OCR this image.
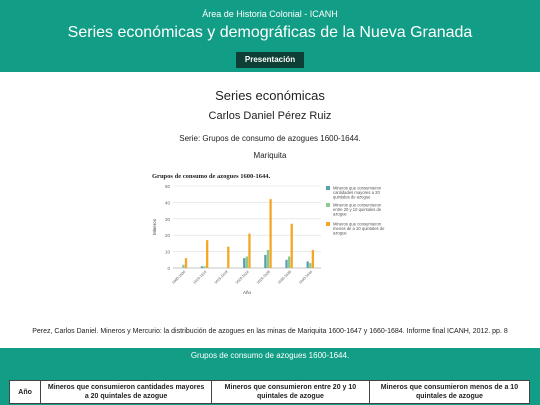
Área de Historia Colonial - ICANH
Series económicas y demográficas de la Nueva Granada
Presentación
Series económicas
Carlos Daniel Pérez Ruiz
Serie: Grupos de consumo de azogues 1600-1644.
Mariquita
Grupos de consumo de azogues 1600-1644.
0
10
20
30
40
50
1600-1604 1610-1614 1615-1619 1620-1624 1625-1629 1635-1639 1640-1644
Año
Mineros
Mineros que consumieron cantidades mayores a 20 quintales de azogue
Mineros que consumieron entre 20 y 10 quintales de azogue
Mineros que consumieron menos de a 10 quintales de azogue
Perez, Carlos Daniel. Mineros y Mercurio: la distribución de azogues en las minas de Mariquita 1600-1647 y 1660-1684. Informe final ICANH, 2012. pp. 8
Grupos de consumo de azogues 1600-1644.
Año	Mineros que consumieron cantidades mayores a 20 quintales de azogue	Mineros que consumieron entre 20 y 10 quintales de azogue	Mineros que consumieron menos de a 10 quintales de azogue
